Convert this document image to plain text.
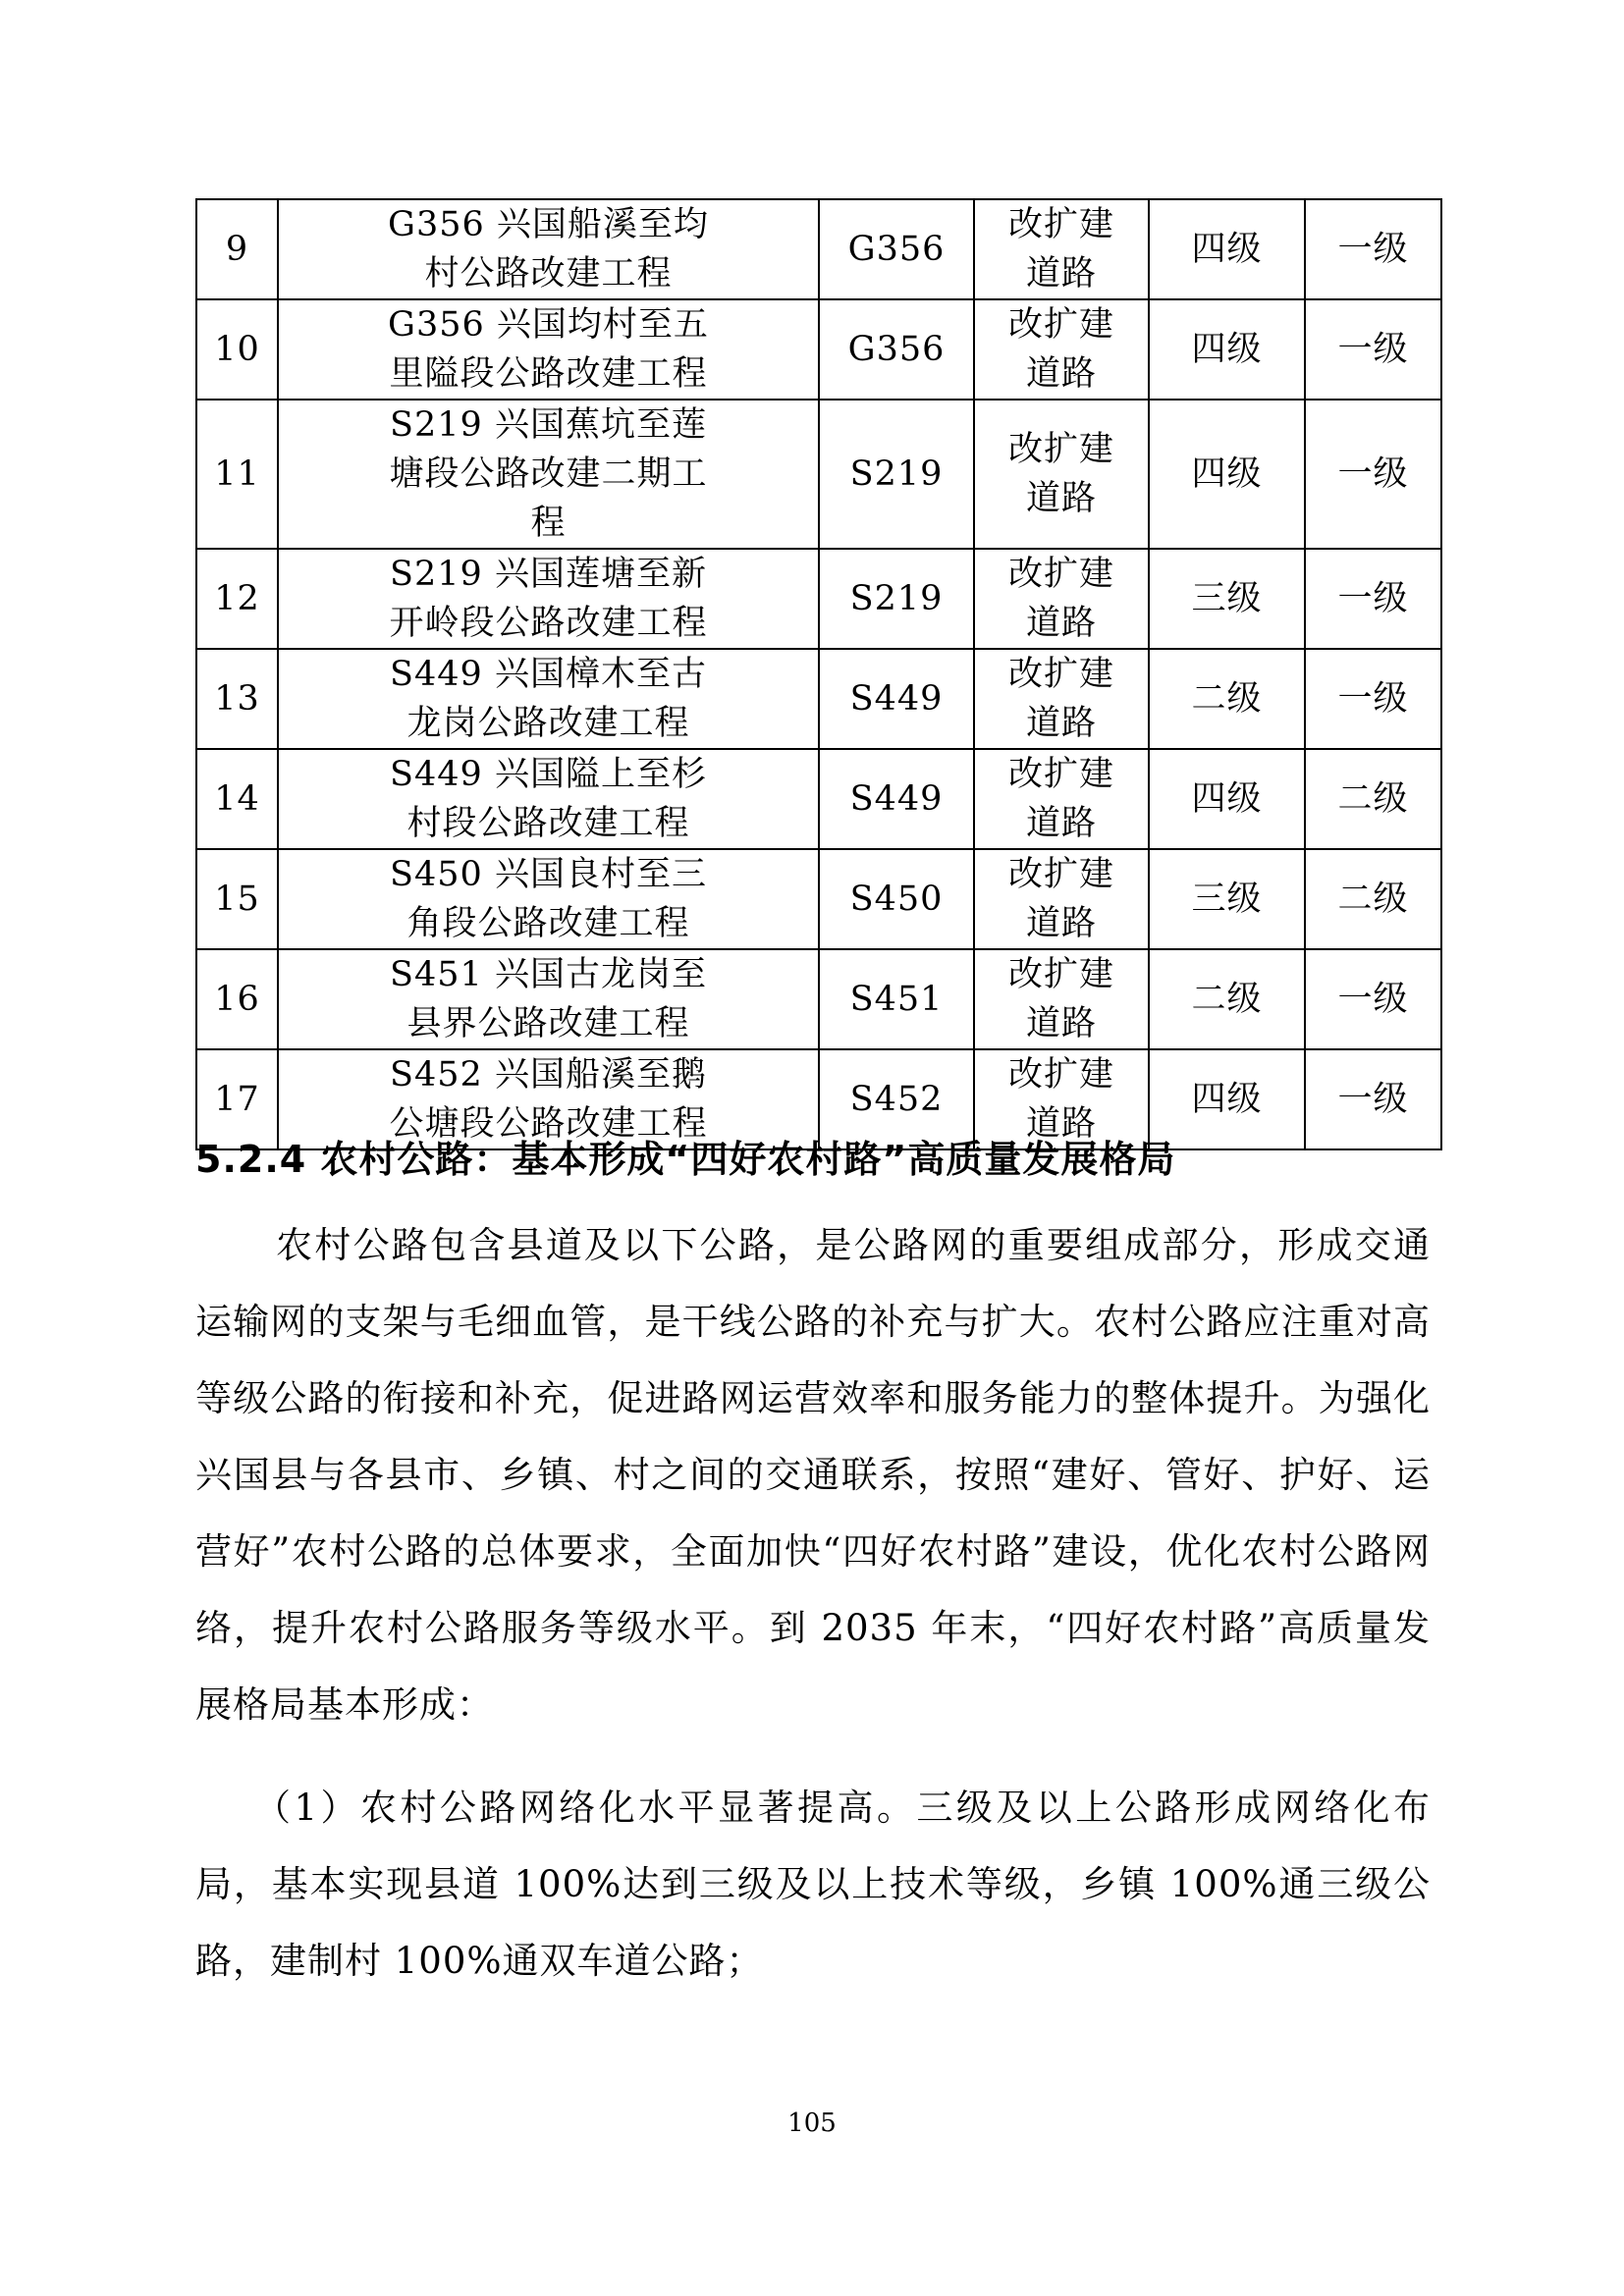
9	G356 兴国船溪至均村公路改建工程	G356	改扩建道路	四级	一级
10	G356 兴国均村至五里隘段公路改建工程	G356	改扩建道路	四级	一级
11	S219 兴国蕉坑至莲塘段公路改建二期工程	S219	改扩建道路	四级	一级
12	S219 兴国莲塘至新开岭段公路改建工程	S219	改扩建道路	三级	一级
13	S449 兴国樟木至古龙岗公路改建工程	S449	改扩建道路	二级	一级
14	S449 兴国隘上至杉村段公路改建工程	S449	改扩建道路	四级	二级
15	S450 兴国良村至三角段公路改建工程	S450	改扩建道路	三级	二级
16	S451 兴国古龙岗至县界公路改建工程	S451	改扩建道路	二级	一级
17	S452 兴国船溪至鹅公塘段公路改建工程	S452	改扩建道路	四级	一级
5.2.4 农村公路：基本形成“四好农村路”高质量发展格局

农村公路包含县道及以下公路，是公路网的重要组成部分，形成交通运输网的支架与毛细血管，是干线公路的补充与扩大。农村公路应注重对高等级公路的衔接和补充，促进路网运营效率和服务能力的整体提升。为强化兴国县与各县市、乡镇、村之间的交通联系，按照“建好、管好、护好、运营好”农村公路的总体要求，全面加快“四好农村路”建设，优化农村公路网络，提升农村公路服务等级水平。到 2035 年末，“四好农村路”高质量发展格局基本形成：

（1）农村公路网络化水平显著提高。三级及以上公路形成网络化布局，基本实现县道 100%达到三级及以上技术等级，乡镇 100%通三级公路，建制村 100%通双车道公路；

105
